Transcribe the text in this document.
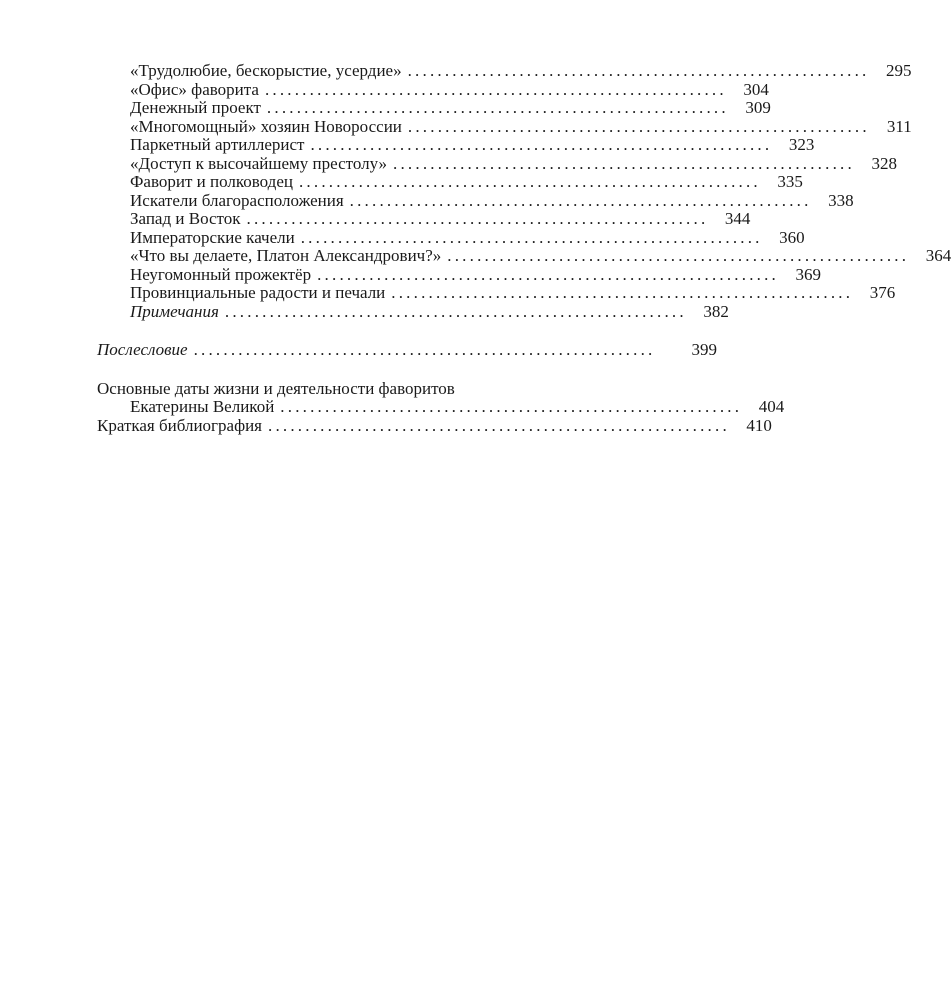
«Трудолюбие, бескорыстие, усердие» .............................................................. 295
«Офис» фаворита .............................................................. 304
Денежный проект .............................................................. 309
«Многомощный» хозяин Новороссии ..............................................................	311
Паркетный артиллерист .............................................................. 323
«Доступ к высочайшему престолу» .............................................................. 328
Фаворит и полководец .............................................................. 335
Искатели благорасположения .............................................................. 338
Запад и Восток .............................................................. 344
Императорские качели .............................................................. 360
«Что вы делаете, Платон Александрович?» .............................................................. 364
Неугомонный прожектёр .............................................................. 369
Провинциальные радости и печали .............................................................. 376
Примечания .............................................................. 382
Послесловие ..............................................................	399
Основные даты жизни и деятельности фаворитов
Екатерины Великой .............................................................. 404
Краткая библиография .............................................................. 410
